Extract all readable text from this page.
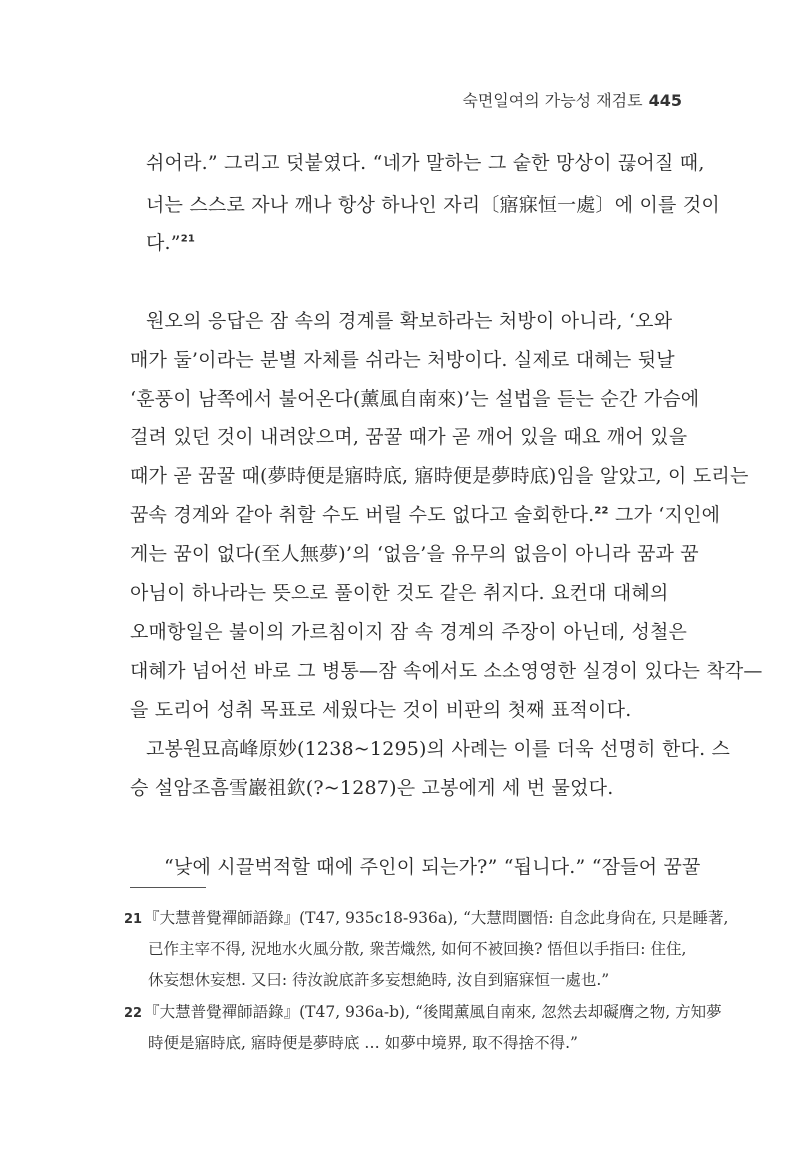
숙면일여의 가능성 재검토 445
쉬어라.” 그리고 덧붙였다. “네가 말하는 그 숱한 망상이 끊어질 때,
너는 스스로 자나 깨나 항상 하나인 자리〔寤寐恒一處〕에 이를 것이
다.”$^{21}$
원오의 응답은 잠 속의 경계를 확보하라는 처방이 아니라, ‘오와
매가 둘’이라는 분별 자체를 쉬라는 처방이다. 실제로 대혜는 뒷날
‘훈풍이 남쪽에서 불어온다(薰風自南來)’는 설법을 듣는 순간 가슴에
걸려 있던 것이 내려앉으며, 꿈꿀 때가 곧 깨어 있을 때요 깨어 있을
때가 곧 꿈꿀 때(夢時便是寤時底, 寤時便是夢時底)임을 알았고, 이 도리는
꿈속 경계와 같아 취할 수도 버릴 수도 없다고 술회한다.$^{22}$ 그가 ‘지인에
게는 꿈이 없다(至人無夢)’의 ‘없음’을 유무의 없음이 아니라 꿈과 꿈
아님이 하나라는 뜻으로 풀이한 것도 같은 취지다. 요컨대 대혜의
오매항일은 불이의 가르침이지 잠 속 경계의 주장이 아닌데, 성철은
대혜가 넘어선 바로 그 병통—잠 속에서도 소소영영한 실경이 있다는 착각—
을 도리어 성취 목표로 세웠다는 것이 비판의 첫째 표적이다.
고봉원묘高峰原妙(1238~1295)의 사례는 이를 더욱 선명히 한다. 스
승 설암조흠雪巖祖欽(?~1287)은 고봉에게 세 번 물었다.
“낮에 시끌벅적할 때에 주인이 되는가?” “됩니다.” “잠들어 꿈꿀
21 『大慧普覺禪師語錄』(T47, 935c18-936a), “大慧問圜悟: 自念此身尙在, 只是睡著,
已作主宰不得, 況地水火風分散, 衆苦熾然, 如何不被回換? 悟但以手指曰: 住住,
休妄想休妄想. 又曰: 待汝說底許多妄想絶時, 汝自到寤寐恒一處也.”
22 『大慧普覺禪師語錄』(T47, 936a-b), “後聞薰風自南來, 忽然去却礙膺之物, 方知夢
時便是寤時底, 寤時便是夢時底 … 如夢中境界, 取不得捨不得.”
